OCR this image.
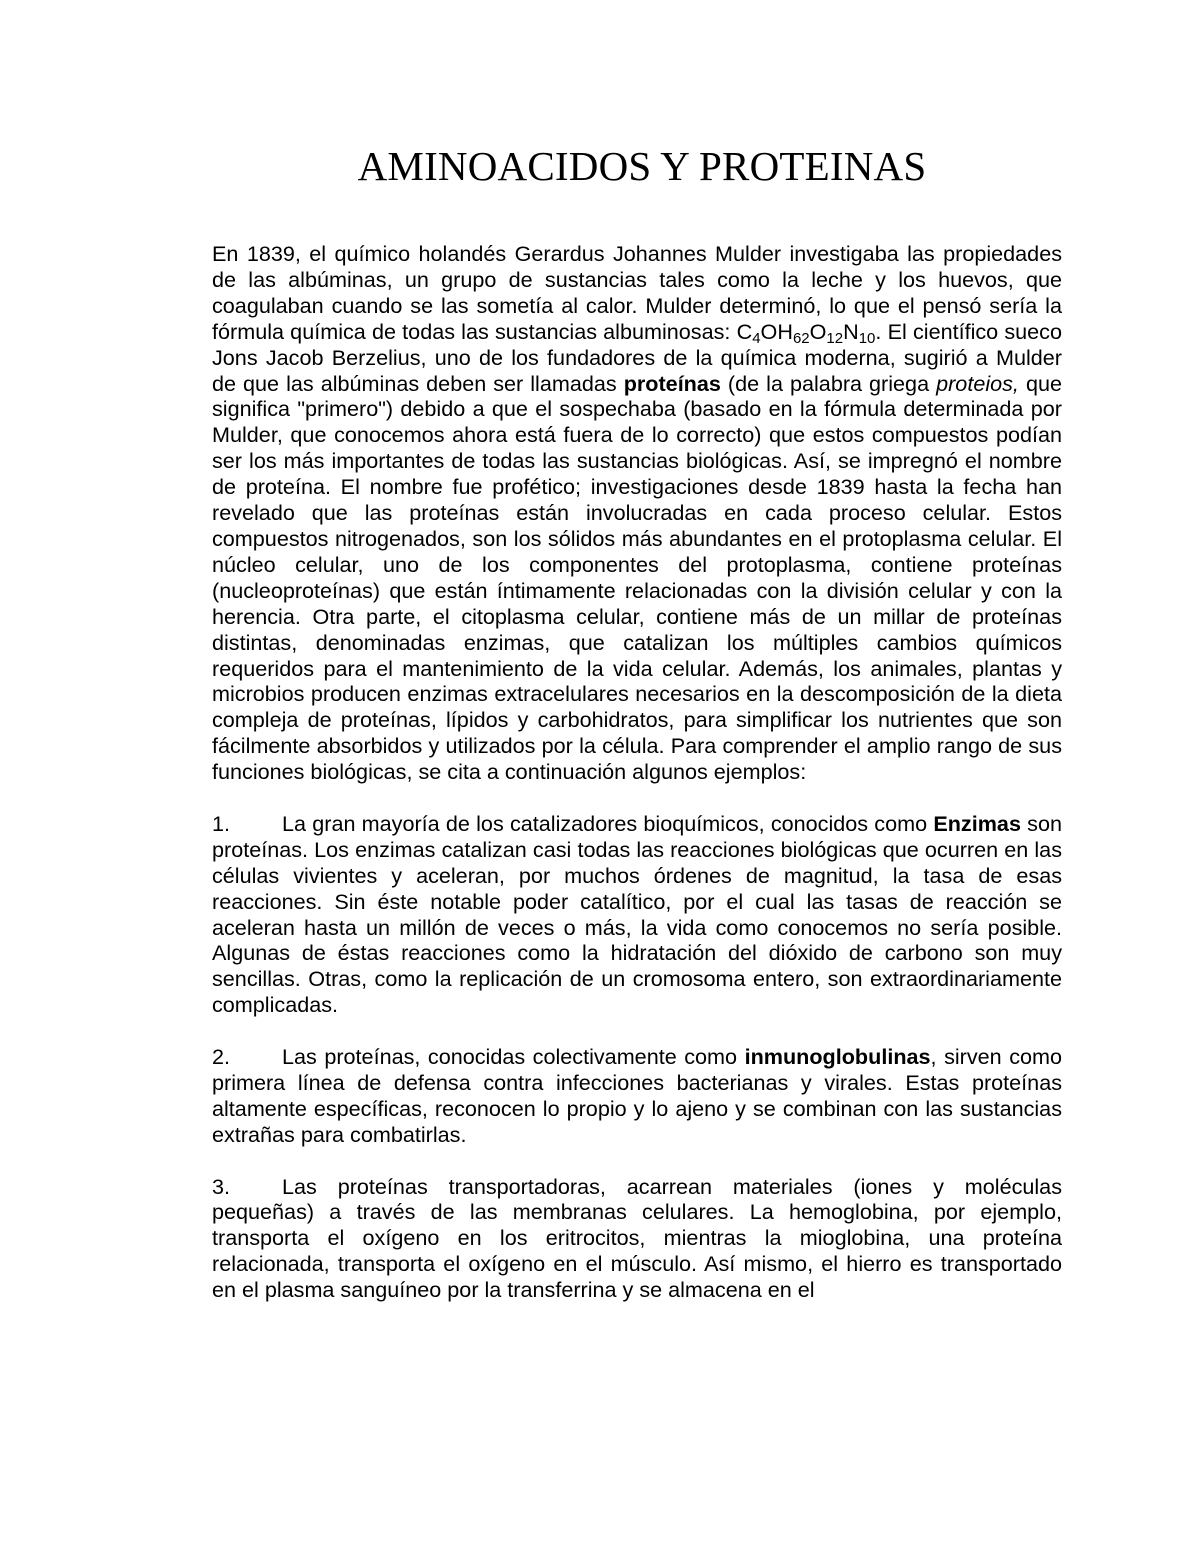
AMINOACIDOS Y PROTEINAS

En 1839, el químico holandés Gerardus Johannes Mulder investigaba las propiedades de las albúminas, un grupo de sustancias tales como la leche y los huevos, que coagulaban cuando se las sometía al calor. Mulder determinó, lo que el pensó sería la fórmula química de todas las sustancias albuminosas: $C_4OH_{62}O_{12}N_{10}$. El científico sueco Jons Jacob Berzelius, uno de los fundadores de la química moderna, sugirió a Mulder de que las albúminas deben ser llamadas proteínas (de la palabra griega proteios, que significa "primero") debido a que el sospechaba (basado en la fórmula determinada por Mulder, que conocemos ahora está fuera de lo correcto) que estos compuestos podían ser los más importantes de todas las sustancias biológicas. Así, se impregnó el nombre de proteína. El nombre fue profético; investigaciones desde 1839 hasta la fecha han revelado que las proteínas están involucradas en cada proceso celular. Estos compuestos nitrogenados, son los sólidos más abundantes en el protoplasma celular. El núcleo celular, uno de los componentes del protoplasma, contiene proteínas (nucleoproteínas) que están íntimamente relacionadas con la división celular y con la herencia. Otra parte, el citoplasma celular, contiene más de un millar de proteínas distintas, denominadas enzimas, que catalizan los múltiples cambios químicos requeridos para el mantenimiento de la vida celular. Además, los animales, plantas y microbios producen enzimas extracelulares necesarios en la descomposición de la dieta compleja de proteínas, lípidos y carbohidratos, para simplificar los nutrientes que son fácilmente absorbidos y utilizados por la célula. Para comprender el amplio rango de sus funciones biológicas, se cita a continuación algunos ejemplos:

1. La gran mayoría de los catalizadores bioquímicos, conocidos como Enzimas son proteínas. Los enzimas catalizan casi todas las reacciones biológicas que ocurren en las células vivientes y aceleran, por muchos órdenes de magnitud, la tasa de esas reacciones. Sin éste notable poder catalítico, por el cual las tasas de reacción se aceleran hasta un millón de veces o más, la vida como conocemos no sería posible. Algunas de éstas reacciones como la hidratación del dióxido de carbono son muy sencillas. Otras, como la replicación de un cromosoma entero, son extraordinariamente complicadas.

2. Las proteínas, conocidas colectivamente como inmunoglobulinas, sirven como primera línea de defensa contra infecciones bacterianas y virales. Estas proteínas altamente específicas, reconocen lo propio y lo ajeno y se combinan con las sustancias extrañas para combatirlas.

3. Las proteínas transportadoras, acarrean materiales (iones y moléculas pequeñas) a través de las membranas celulares. La hemoglobina, por ejemplo, transporta el oxígeno en los eritrocitos, mientras la mioglobina, una proteína relacionada, transporta el oxígeno en el músculo. Así mismo, el hierro es transportado en el plasma sanguíneo por la transferrina y se almacena en el
